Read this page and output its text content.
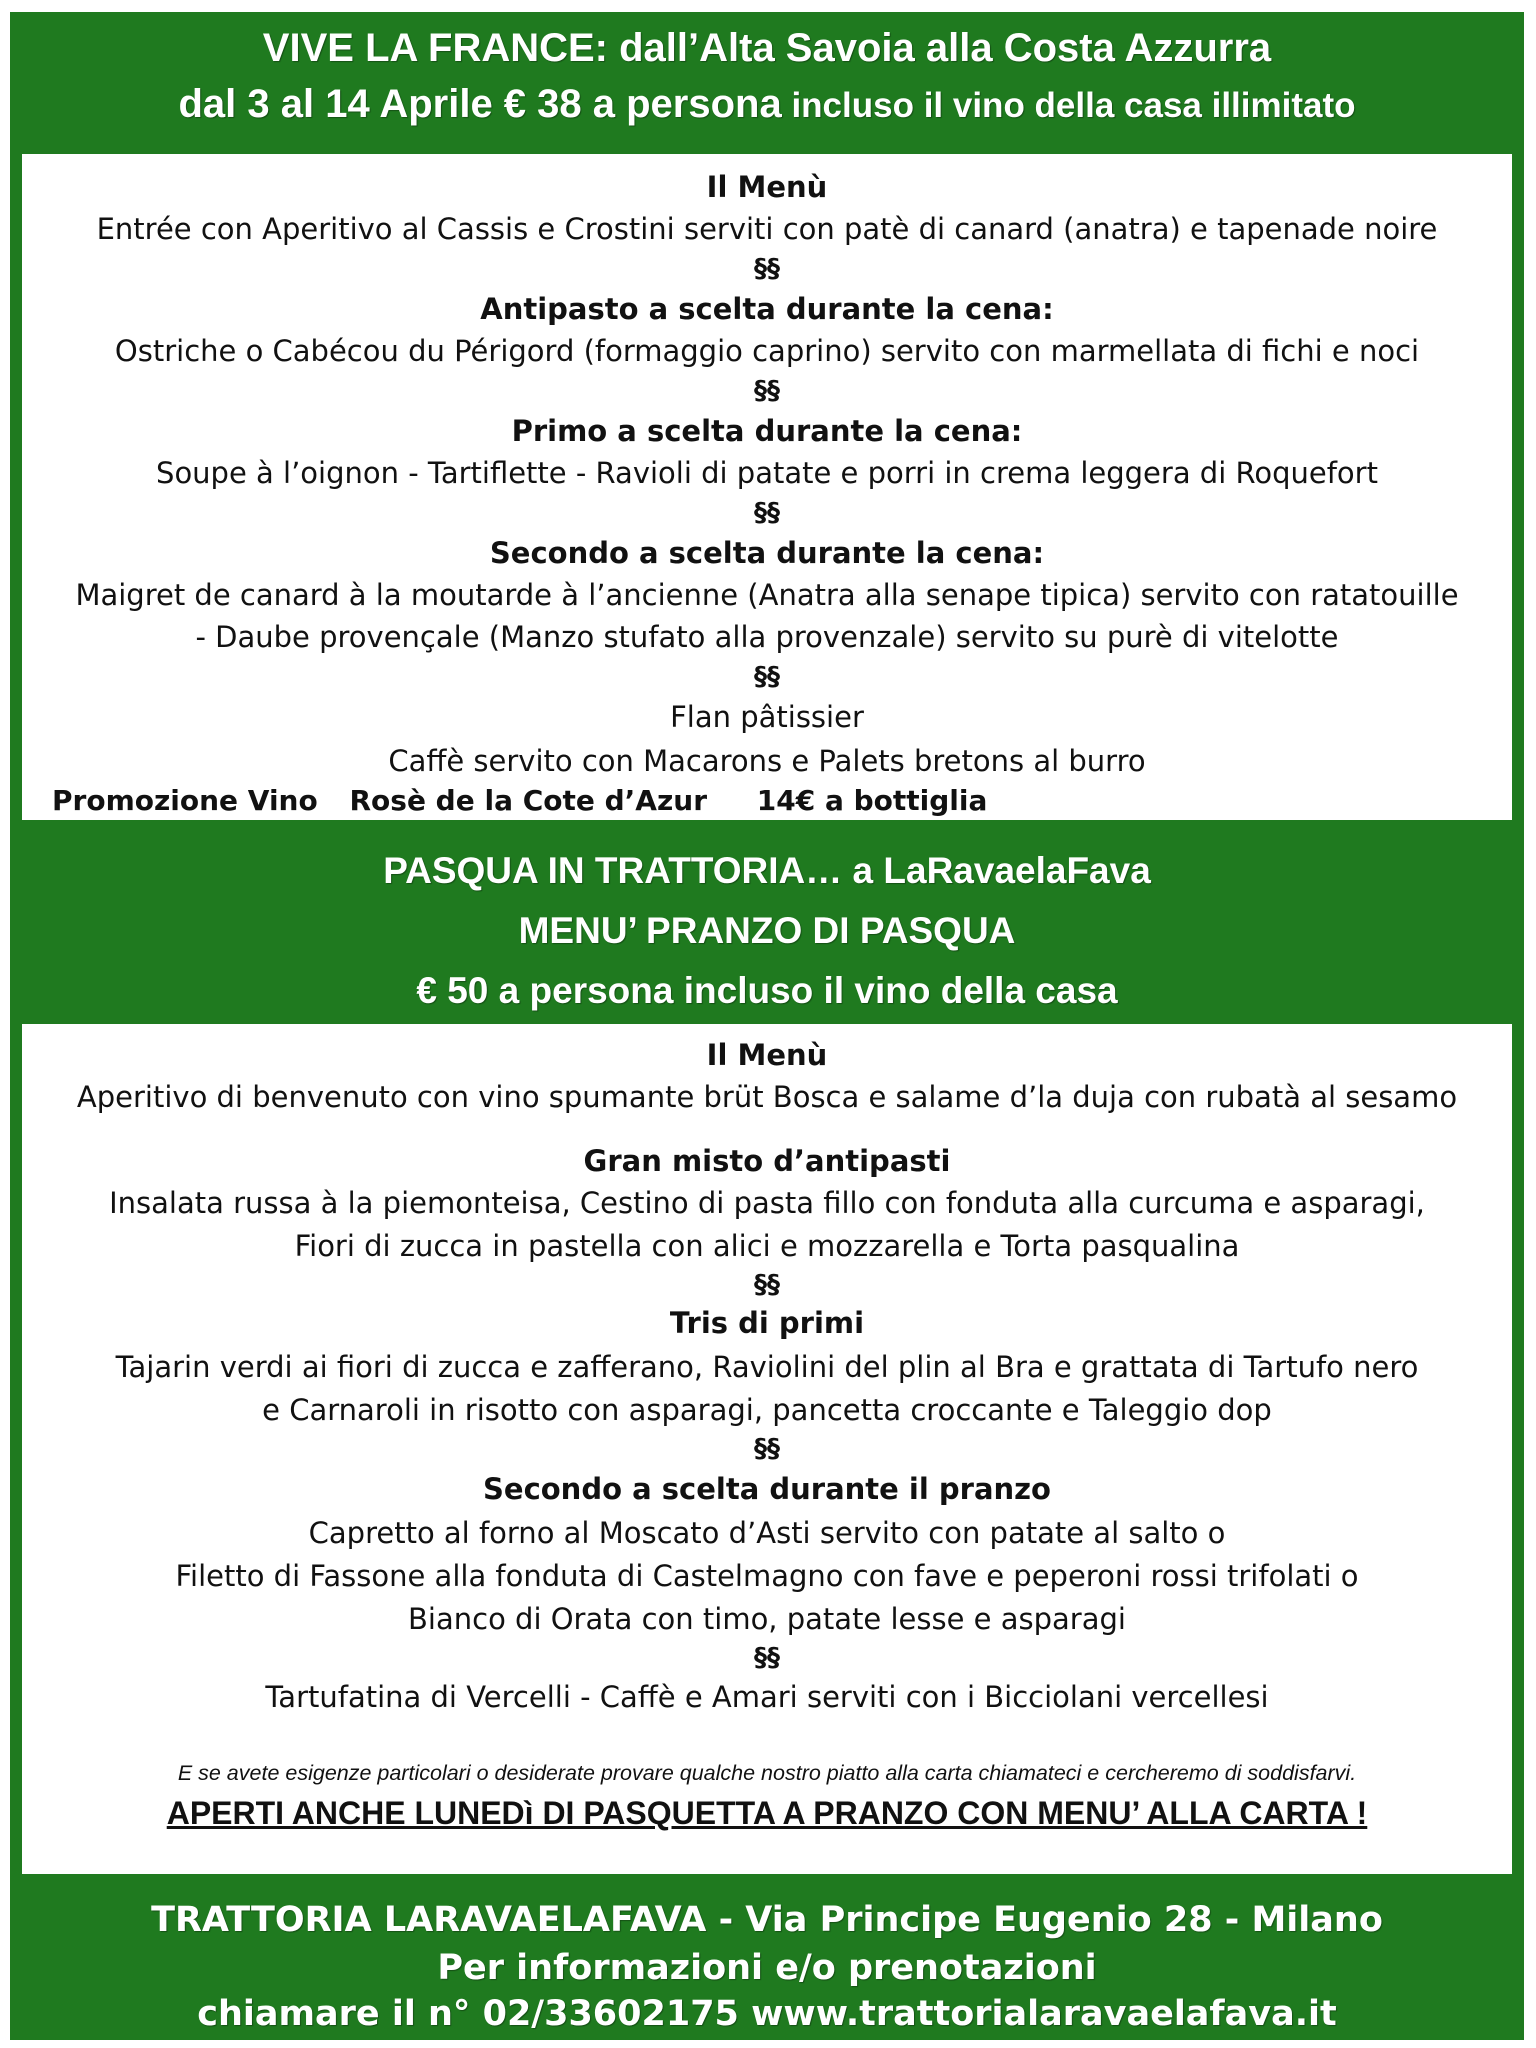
VIVE LA FRANCE: dall’Alta Savoia alla Costa Azzurra
dal 3 al 14 Aprile € 38 a persona incluso il vino della casa illimitato
Il Menù
Entrée con Aperitivo al Cassis e Crostini serviti con patè di canard (anatra) e tapenade noire
§§
Antipasto a scelta durante la cena:
Ostriche o Cabécou du Périgord (formaggio caprino) servito con marmellata di fichi e noci
§§
Primo a scelta durante la cena:
Soupe à l’oignon - Tartiflette - Ravioli di patate e porri in crema leggera di Roquefort
§§
Secondo a scelta durante la cena:
Maigret de canard à la moutarde à l’ancienne (Anatra alla senape tipica) servito con ratatouille
- Daube provençale (Manzo stufato alla provenzale) servito su purè di vitelotte
§§
Flan pâtissier
Caffè servito con Macarons e Palets bretons al burro
Promozione Vino Rosè de la Cote d’Azur 14€ a bottiglia
PASQUA IN TRATTORIA… a LaRavaelaFava
MENU’ PRANZO DI PASQUA
€ 50 a persona incluso il vino della casa
Il Menù
Aperitivo di benvenuto con vino spumante brüt Bosca e salame d’la duja con rubatà al sesamo
Gran misto d’antipasti
Insalata russa à la piemonteisa, Cestino di pasta fillo con fonduta alla curcuma e asparagi,
Fiori di zucca in pastella con alici e mozzarella e Torta pasqualina
§§
Tris di primi
Tajarin verdi ai fiori di zucca e zafferano, Raviolini del plin al Bra e grattata di Tartufo nero
e Carnaroli in risotto con asparagi, pancetta croccante e Taleggio dop
§§
Secondo a scelta durante il pranzo
Capretto al forno al Moscato d’Asti servito con patate al salto o
Filetto di Fassone alla fonduta di Castelmagno con fave e peperoni rossi trifolati o
Bianco di Orata con timo, patate lesse e asparagi
§§
Tartufatina di Vercelli - Caffè e Amari serviti con i Bicciolani vercellesi
E se avete esigenze particolari o desiderate provare qualche nostro piatto alla carta chiamateci e cercheremo di soddisfarvi.
APERTI ANCHE LUNEDì DI PASQUETTA A PRANZO CON MENU’ ALLA CARTA !
TRATTORIA LARAVAELAFAVA - Via Principe Eugenio 28 - Milano
Per informazioni e/o prenotazioni
chiamare il n° 02/33602175 www.trattorialaravaelafava.it
